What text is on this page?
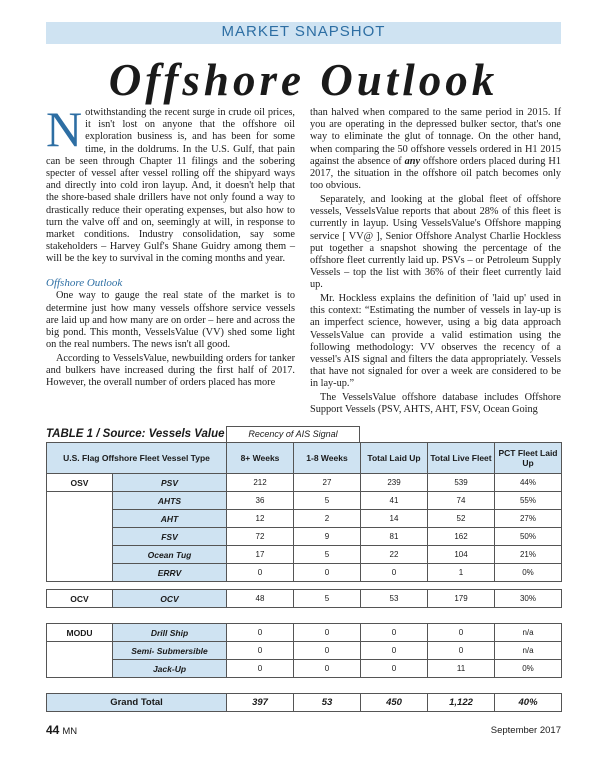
MARKET SNAPSHOT
Offshore Outlook

Notwithstanding the recent surge in crude oil prices, it isn't lost on anyone that the offshore oil exploration business is, and has been for some time, in the doldrums. In the U.S. Gulf, that pain can be seen through Chapter 11 filings and the sobering specter of vessel after vessel rolling off the shipyard ways and directly into cold iron layup. And, it doesn't help that the shore-based shale drillers have not only found a way to drastically reduce their operating expenses, but also how to turn the valve off and on, seemingly at will, in response to market conditions. Industry consolidation, say some stakeholders – Harvey Gulf's Shane Guidry among them – will be the key to survival in the coming months and year.

Offshore Outlook

One way to gauge the real state of the market is to determine just how many vessels offshore service vessels are laid up and how many are on order – here and across the big pond. This month, VesselsValue (VV) shed some light on the real numbers. The news isn't all good.

According to VesselsValue, newbuilding orders for tanker and bulkers have increased during the first half of 2017. However, the overall number of orders placed has more

than halved when compared to the same period in 2015. If you are operating in the depressed bulker sector, that's one way to eliminate the glut of tonnage. On the other hand, when comparing the 50 offshore vessels ordered in H1 2015 against the absence of any offshore orders placed during H1 2017, the situation in the offshore oil patch becomes only too obvious.

Separately, and looking at the global fleet of offshore vessels, VesselsValue reports that about 28% of this fleet is currently in layup. Using VesselsValue's Offshore mapping service [ VV@ ], Senior Offshore Analyst Charlie Hockless put together a snapshot showing the percentage of the offshore fleet currently laid up. PSVs – or Petroleum Supply Vessels – top the list with 36% of their fleet currently laid up.

Mr. Hockless explains the definition of 'laid up' used in this context: “Estimating the number of vessels in lay-up is an imperfect science, however, using a big data approach VesselsValue can provide a valid estimation using the following methodology: VV observes the recency of a vessel's AIS signal and filters the data appropriately. Vessels that have not signaled for over a week are considered to be in lay-up.”

The VesselsValue offshore database includes Offshore Support Vessels (PSV, AHTS, AHT, FSV, Ocean Going

TABLE 1 / Source: Vessels Value	Recency of AIS Signal
U.S. Flag Offshore Fleet Vessel Type		8+ Weeks	1-8 Weeks	Total Laid Up	Total Live Fleet	PCT Fleet Laid Up
OSV	PSV	212	27	239	539	44%
	AHTS	36	5	41	74	55%
	AHT	12	2	14	52	27%
	FSV	72	9	81	162	50%
	Ocean Tug	17	5	22	104	21%
	ERRV	0	0	0	1	0%
OCV	OCV	48	5	53	179	30%
MODU	Drill Ship	0	0	0	0	n/a
	Semi- Submersible	0	0	0	0	n/a
	Jack-Up	0	0	0	11	0%
Grand Total	397	53	450	1,122	40%
44 MN	September 2017
